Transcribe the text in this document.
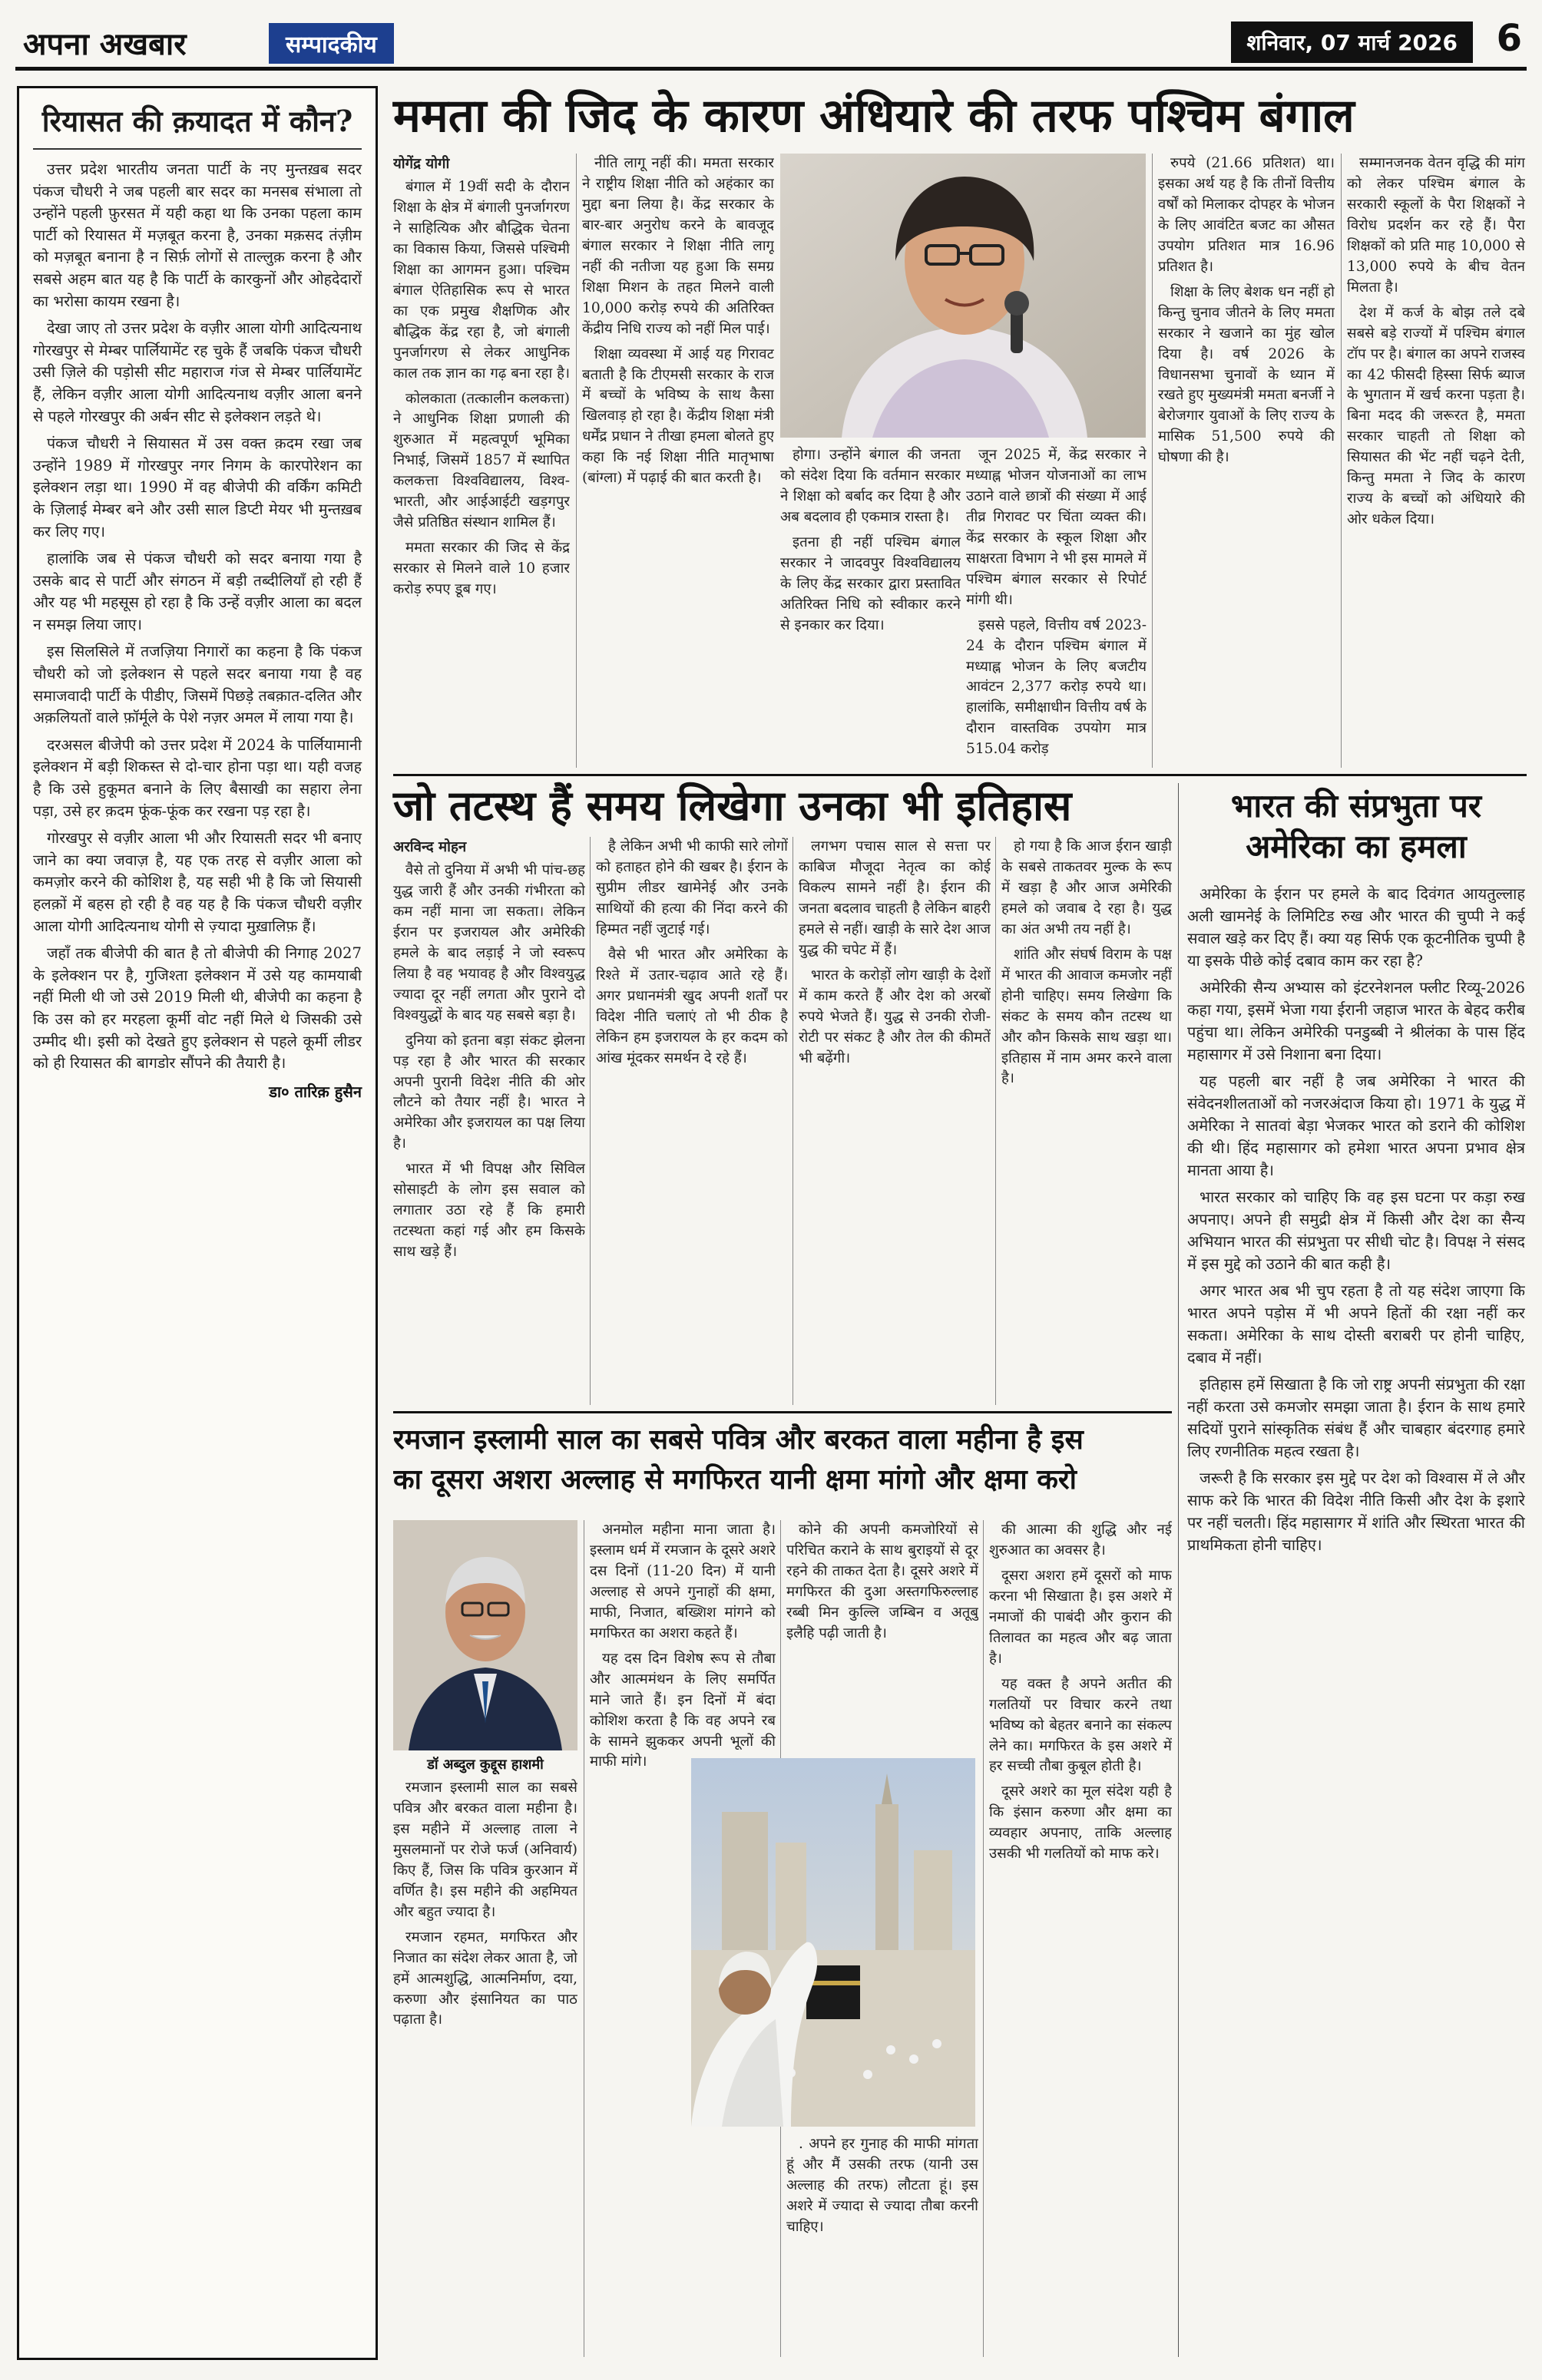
अपना अखबार	सम्पादकीय	शनिवार, 07 मार्च 2026	6
रियासत की क़यादत में कौन?

उत्तर प्रदेश भारतीय जनता पार्टी के नए मुन्तख़ब सदर पंकज चौधरी ने जब पहली बार सदर का मनसब संभाला तो उन्होंने पहली फ़ुरसत में यही कहा था कि उनका पहला काम पार्टी को रियासत में मज़बूत करना है, उनका मक़सद तंज़ीम को मज़बूत बनाना है न सिर्फ़ लोगों से ताल्लुक़ करना है और सबसे अहम बात यह है कि पार्टी के कारकुनों और ओहदेदारों का भरोसा कायम रखना है।

देखा जाए तो उत्तर प्रदेश के वज़ीर आला योगी आदित्यनाथ गोरखपुर से मेम्बर पार्लियामेंट रह चुके हैं जबकि पंकज चौधरी उसी ज़िले की पड़ोसी सीट महाराज गंज से मेम्बर पार्लियामेंट हैं, लेकिन वज़ीर आला योगी आदित्यनाथ वज़ीर आला बनने से पहले गोरखपुर की अर्बन सीट से इलेक्शन लड़ते थे।

पंकज चौधरी ने सियासत में उस वक्त क़दम रखा जब उन्होंने 1989 में गोरखपुर नगर निगम के कारपोरेशन का इलेक्शन लड़ा था। 1990 में वह बीजेपी की वर्किंग कमिटी के ज़िलाई मेम्बर बने और उसी साल डिप्टी मेयर भी मुन्तख़ब कर लिए गए।

हालांकि जब से पंकज चौधरी को सदर बनाया गया है उसके बाद से पार्टी और संगठन में बड़ी तब्दीलियाँ हो रही हैं और यह भी महसूस हो रहा है कि उन्हें वज़ीर आला का बदल न समझ लिया जाए।

इस सिलसिले में तजज़िया निगारों का कहना है कि पंकज चौधरी को जो इलेक्शन से पहले सदर बनाया गया है वह समाजवादी पार्टी के पीडीए, जिसमें पिछड़े तबक़ात-दलित और अक़लियतों वाले फ़ॉर्मूले के पेशे नज़र अमल में लाया गया है।

दरअसल बीजेपी को उत्तर प्रदेश में 2024 के पार्लियामानी इलेक्शन में बड़ी शिकस्त से दो-चार होना पड़ा था। यही वजह है कि उसे हुकूमत बनाने के लिए बैसाखी का सहारा लेना पड़ा, उसे हर क़दम फूंक-फूंक कर रखना पड़ रहा है।

गोरखपुर से वज़ीर आला भी और रियासती सदर भी बनाए जाने का क्या जवाज़ है, यह एक तरह से वज़ीर आला को कमज़ोर करने की कोशिश है, यह सही भी है कि जो सियासी हलक़ों में बहस हो रही है वह यह है कि पंकज चौधरी वज़ीर आला योगी आदित्यनाथ योगी से ज़्यादा मुख़ालिफ़ हैं।

जहाँ तक बीजेपी की बात है तो बीजेपी की निगाह 2027 के इलेक्शन पर है, गुजिश्ता इलेक्शन में उसे यह कामयाबी नहीं मिली थी जो उसे 2019 मिली थी, बीजेपी का कहना है कि उस को हर मरहला कूर्मी वोट नहीं मिले थे जिसकी उसे उम्मीद थी। इसी को देखते हुए इलेक्शन से पहले कूर्मी लीडर को ही रियासत की बागडोर सौंपने की तैयारी है।

डा० तारिक़ हुसैन
ममता की जिद के कारण अंधियारे की तरफ पश्चिम बंगाल

योगेंद्र योगी

बंगाल में 19वीं सदी के दौरान शिक्षा के क्षेत्र में बंगाली पुनर्जागरण ने साहित्यिक और बौद्धिक चेतना का विकास किया, जिससे पश्चिमी शिक्षा का आगमन हुआ। पश्चिम बंगाल ऐतिहासिक रूप से भारत का एक प्रमुख शैक्षणिक और बौद्धिक केंद्र रहा है, जो बंगाली पुनर्जागरण से लेकर आधुनिक काल तक ज्ञान का गढ़ बना रहा है।

कोलकाता (तत्कालीन कलकत्ता) ने आधुनिक शिक्षा प्रणाली की शुरुआत में महत्वपूर्ण भूमिका निभाई, जिसमें 1857 में स्थापित कलकत्ता विश्वविद्यालय, विश्व-भारती, और आईआईटी खड़गपुर जैसे प्रतिष्ठित संस्थान शामिल हैं।

ममता सरकार की जिद से केंद्र सरकार से मिलने वाले 10 हजार करोड़ रुपए डूब गए।

नीति लागू नहीं की। ममता सरकार ने राष्ट्रीय शिक्षा नीति को अहंकार का मुद्दा बना लिया है। केंद्र सरकार के बार-बार अनुरोध करने के बावजूद बंगाल सरकार ने शिक्षा नीति लागू नहीं की नतीजा यह हुआ कि समग्र शिक्षा मिशन के तहत मिलने वाली 10,000 करोड़ रुपये की अतिरिक्त केंद्रीय निधि राज्य को नहीं मिल पाई।

शिक्षा व्यवस्था में आई यह गिरावट बताती है कि टीएमसी सरकार के राज में बच्चों के भविष्य के साथ कैसा खिलवाड़ हो रहा है। केंद्रीय शिक्षा मंत्री धर्मेंद्र प्रधान ने तीखा हमला बोलते हुए कहा कि नई शिक्षा नीति मातृभाषा (बांग्ला) में पढ़ाई की बात करती है।

होगा। उन्होंने बंगाल की जनता को संदेश दिया कि वर्तमान सरकार ने शिक्षा को बर्बाद कर दिया है और अब बदलाव ही एकमात्र रास्ता है।

इतना ही नहीं पश्चिम बंगाल सरकार ने जादवपुर विश्वविद्यालय के लिए केंद्र सरकार द्वारा प्रस्तावित अतिरिक्त निधि को स्वीकार करने से इनकार कर दिया।

जून 2025 में, केंद्र सरकार ने मध्याह्न भोजन योजनाओं का लाभ उठाने वाले छात्रों की संख्या में आई तीव्र गिरावट पर चिंता व्यक्त की। केंद्र सरकार के स्कूल शिक्षा और साक्षरता विभाग ने भी इस मामले में पश्चिम बंगाल सरकार से रिपोर्ट मांगी थी।

इससे पहले, वित्तीय वर्ष 2023-24 के दौरान पश्चिम बंगाल में मध्याह्न भोजन के लिए बजटीय आवंटन 2,377 करोड़ रुपये था। हालांकि, समीक्षाधीन वित्तीय वर्ष के दौरान वास्तविक उपयोग मात्र 515.04 करोड़

रुपये (21.66 प्रतिशत) था। इसका अर्थ यह है कि तीनों वित्तीय वर्षों को मिलाकर दोपहर के भोजन के लिए आवंटित बजट का औसत उपयोग प्रतिशत मात्र 16.96 प्रतिशत है।

शिक्षा के लिए बेशक धन नहीं हो किन्तु चुनाव जीतने के लिए ममता सरकार ने खजाने का मुंह खोल दिया है। वर्ष 2026 के विधानसभा चुनावों के ध्यान में रखते हुए मुख्यमंत्री ममता बनर्जी ने बेरोजगार युवाओं के लिए राज्य के मासिक 51,500 रुपये की घोषणा की है।

सम्मानजनक वेतन वृद्धि की मांग को लेकर पश्चिम बंगाल के सरकारी स्कूलों के पैरा शिक्षकों ने विरोध प्रदर्शन कर रहे हैं। पैरा शिक्षकों को प्रति माह 10,000 से 13,000 रुपये के बीच वेतन मिलता है।

देश में कर्ज के बोझ तले दबे सबसे बड़े राज्यों में पश्चिम बंगाल टॉप पर है। बंगाल का अपने राजस्व का 42 फीसदी हिस्सा सिर्फ ब्याज के भुगतान में खर्च करना पड़ता है। बिना मदद की जरूरत है, ममता सरकार चाहती तो शिक्षा को सियासत की भेंट नहीं चढ़ने देती, किन्तु ममता ने जिद के कारण राज्य के बच्चों को अंधियारे की ओर धकेल दिया।

जो तटस्थ हैं समय लिखेगा उनका भी इतिहास

अरविन्द मोहन

वैसे तो दुनिया में अभी भी पांच-छह युद्ध जारी हैं और उनकी गंभीरता को कम नहीं माना जा सकता। लेकिन ईरान पर इजरायल और अमेरिकी हमले के बाद लड़ाई ने जो स्वरूप लिया है वह भयावह है और विश्वयुद्ध ज्यादा दूर नहीं लगता और पुराने दो विश्वयुद्धों के बाद यह सबसे बड़ा है।

दुनिया को इतना बड़ा संकट झेलना पड़ रहा है और भारत की सरकार अपनी पुरानी विदेश नीति की ओर लौटने को तैयार नहीं है। भारत ने अमेरिका और इजरायल का पक्ष लिया है।

भारत में भी विपक्ष और सिविल सोसाइटी के लोग इस सवाल को लगातार उठा रहे हैं कि हमारी तटस्थता कहां गई और हम किसके साथ खड़े हैं।

है लेकिन अभी भी काफी सारे लोगों को हताहत होने की खबर है। ईरान के सुप्रीम लीडर खामेनेई और उनके साथियों की हत्या की निंदा करने की हिम्मत नहीं जुटाई गई।

वैसे भी भारत और अमेरिका के रिश्ते में उतार-चढ़ाव आते रहे हैं। अगर प्रधानमंत्री खुद अपनी शर्तों पर विदेश नीति चलाएं तो भी ठीक है लेकिन हम इजरायल के हर कदम को आंख मूंदकर समर्थन दे रहे हैं।

लगभग पचास साल से सत्ता पर काबिज मौजूदा नेतृत्व का कोई विकल्प सामने नहीं है। ईरान की जनता बदलाव चाहती है लेकिन बाहरी हमले से नहीं। खाड़ी के सारे देश आज युद्ध की चपेट में हैं।

भारत के करोड़ों लोग खाड़ी के देशों में काम करते हैं और देश को अरबों रुपये भेजते हैं। युद्ध से उनकी रोजी-रोटी पर संकट है और तेल की कीमतें भी बढ़ेंगी।

हो गया है कि आज ईरान खाड़ी के सबसे ताकतवर मुल्क के रूप में खड़ा है और आज अमेरिकी हमले को जवाब दे रहा है। युद्ध का अंत अभी तय नहीं है।

शांति और संघर्ष विराम के पक्ष में भारत की आवाज कमजोर नहीं होनी चाहिए। समय लिखेगा कि संकट के समय कौन तटस्थ था और कौन किसके साथ खड़ा था। इतिहास में नाम अमर करने वाला है।

भारत की संप्रभुता पर
अमेरिका का हमला

अमेरिका के ईरान पर हमले के बाद दिवंगत आयतुल्लाह अली खामनेई के लिमिटिड रुख और भारत की चुप्पी ने कई सवाल खड़े कर दिए हैं। क्या यह सिर्फ एक कूटनीतिक चुप्पी है या इसके पीछे कोई दबाव काम कर रहा है?

अमेरिकी सैन्य अभ्यास को इंटरनेशनल फ्लीट रिव्यू-2026 कहा गया, इसमें भेजा गया ईरानी जहाज भारत के बेहद करीब पहुंचा था। लेकिन अमेरिकी पनडुब्बी ने श्रीलंका के पास हिंद महासागर में उसे निशाना बना दिया।

यह पहली बार नहीं है जब अमेरिका ने भारत की संवेदनशीलताओं को नजरअंदाज किया हो। 1971 के युद्ध में अमेरिका ने सातवां बेड़ा भेजकर भारत को डराने की कोशिश की थी। हिंद महासागर को हमेशा भारत अपना प्रभाव क्षेत्र मानता आया है।

भारत सरकार को चाहिए कि वह इस घटना पर कड़ा रुख अपनाए। अपने ही समुद्री क्षेत्र में किसी और देश का सैन्य अभियान भारत की संप्रभुता पर सीधी चोट है। विपक्ष ने संसद में इस मुद्दे को उठाने की बात कही है।

अगर भारत अब भी चुप रहता है तो यह संदेश जाएगा कि भारत अपने पड़ोस में भी अपने हितों की रक्षा नहीं कर सकता। अमेरिका के साथ दोस्ती बराबरी पर होनी चाहिए, दबाव में नहीं।

इतिहास हमें सिखाता है कि जो राष्ट्र अपनी संप्रभुता की रक्षा नहीं करता उसे कमजोर समझा जाता है। ईरान के साथ हमारे सदियों पुराने सांस्कृतिक संबंध हैं और चाबहार बंदरगाह हमारे लिए रणनीतिक महत्व रखता है।

जरूरी है कि सरकार इस मुद्दे पर देश को विश्वास में ले और साफ करे कि भारत की विदेश नीति किसी और देश के इशारे पर नहीं चलती। हिंद महासागर में शांति और स्थिरता भारत की प्राथमिकता होनी चाहिए।

रमजान इस्लामी साल का सबसे पवित्र और बरकत वाला महीना है इस
का दूसरा अशरा अल्लाह से मगफिरत यानी क्षमा मांगो और क्षमा करो
डॉ अब्दुल कुद्दूस हाशमी

रमजान इस्लामी साल का सबसे पवित्र और बरकत वाला महीना है। इस महीने में अल्लाह ताला ने मुसलमानों पर रोजे फर्ज (अनिवार्य) किए हैं, जिस कि पवित्र कुरआन में वर्णित है। इस महीने की अहमियत और बहुत ज्यादा है।

रमजान रहमत, मगफिरत और निजात का संदेश लेकर आता है, जो हमें आत्मशुद्धि, आत्मनिर्माण, दया, करुणा और इंसानियत का पाठ पढ़ाता है।

अनमोल महीना माना जाता है। इस्लाम धर्म में रमजान के दूसरे अशरे दस दिनों (11-20 दिन) में यानी अल्लाह से अपने गुनाहों की क्षमा, माफी, निजात, बख्शिश मांगने को मगफिरत का अशरा कहते हैं।

यह दस दिन विशेष रूप से तौबा और आत्ममंथन के लिए समर्पित माने जाते हैं। इन दिनों में बंदा कोशिश करता है कि वह अपने रब के सामने झुककर अपनी भूलों की माफी मांगे।

कोने की अपनी कमजोरियों से परिचित कराने के साथ बुराइयों से दूर रहने की ताकत देता है। दूसरे अशरे में मगफिरत की दुआ अस्तगफिरुल्लाह रब्बी मिन कुल्लि जम्बिन व अतूबु इलैहि पढ़ी जाती है।

. अपने हर गुनाह की माफी मांगता हूं और मैं उसकी तरफ (यानी उस अल्लाह की तरफ) लौटता हूं। इस अशरे में ज्यादा से ज्यादा तौबा करनी चाहिए।

की आत्मा की शुद्धि और नई शुरुआत का अवसर है।

दूसरा अशरा हमें दूसरों को माफ करना भी सिखाता है। इस अशरे में नमाजों की पाबंदी और कुरान की तिलावत का महत्व और बढ़ जाता है।

यह वक्त है अपने अतीत की गलतियों पर विचार करने तथा भविष्य को बेहतर बनाने का संकल्प लेने का। मगफिरत के इस अशरे में हर सच्ची तौबा कुबूल होती है।

दूसरे अशरे का मूल संदेश यही है कि इंसान करुणा और क्षमा का व्यवहार अपनाए, ताकि अल्लाह उसकी भी गलतियों को माफ करे।
